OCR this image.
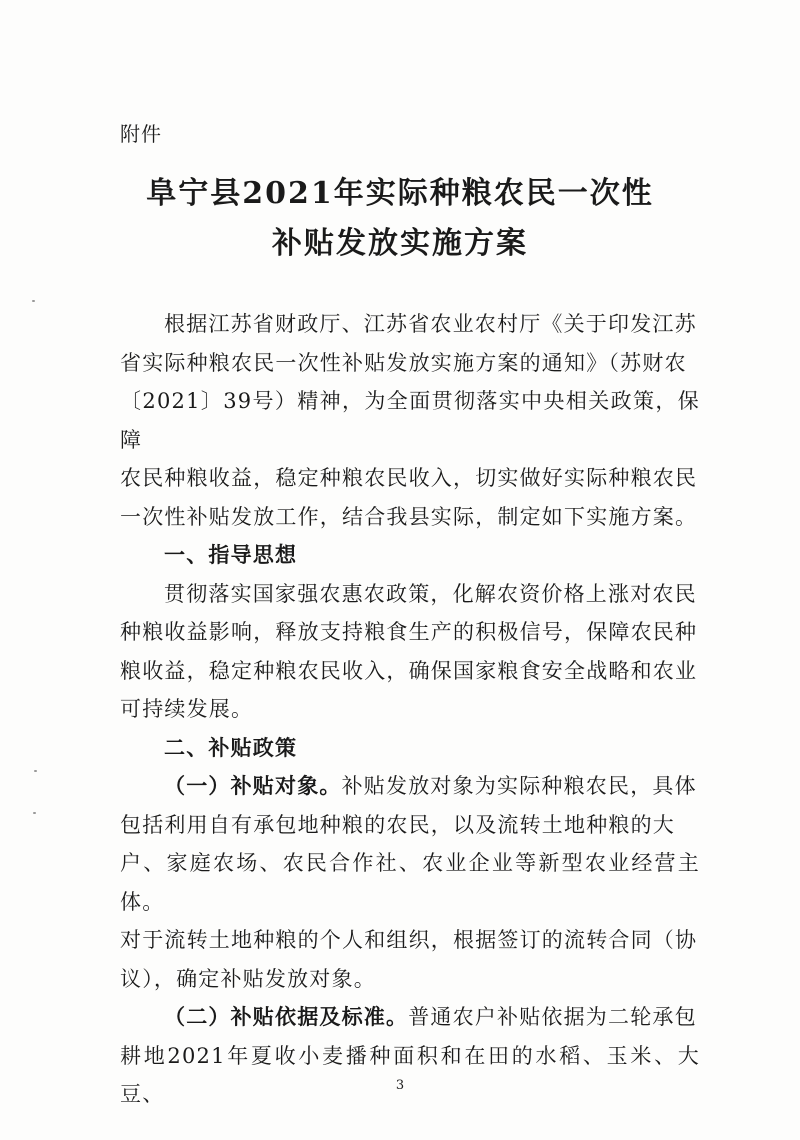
附件
阜宁县2021年实际种粮农民一次性
补贴发放实施方案

根据江苏省财政厅、江苏省农业农村厅《关于印发江苏

省实际种粮农民一次性补贴发放实施方案的通知》（苏财农

〔2021〕39号）精神，为全面贯彻落实中央相关政策，保障

农民种粮收益，稳定种粮农民收入，切实做好实际种粮农民

一次性补贴发放工作，结合我县实际，制定如下实施方案。

一、指导思想

贯彻落实国家强农惠农政策，化解农资价格上涨对农民

种粮收益影响，释放支持粮食生产的积极信号，保障农民种

粮收益，稳定种粮农民收入，确保国家粮食安全战略和农业

可持续发展。

二、补贴政策

（一）补贴对象。补贴发放对象为实际种粮农民，具体

包括利用自有承包地种粮的农民，以及流转土地种粮的大

户、家庭农场、农民合作社、农业企业等新型农业经营主体。

对于流转土地种粮的个人和组织，根据签订的流转合同（协

议），确定补贴发放对象。

（二）补贴依据及标准。普通农户补贴依据为二轮承包

耕地2021年夏收小麦播种面积和在田的水稻、玉米、大豆、	3
